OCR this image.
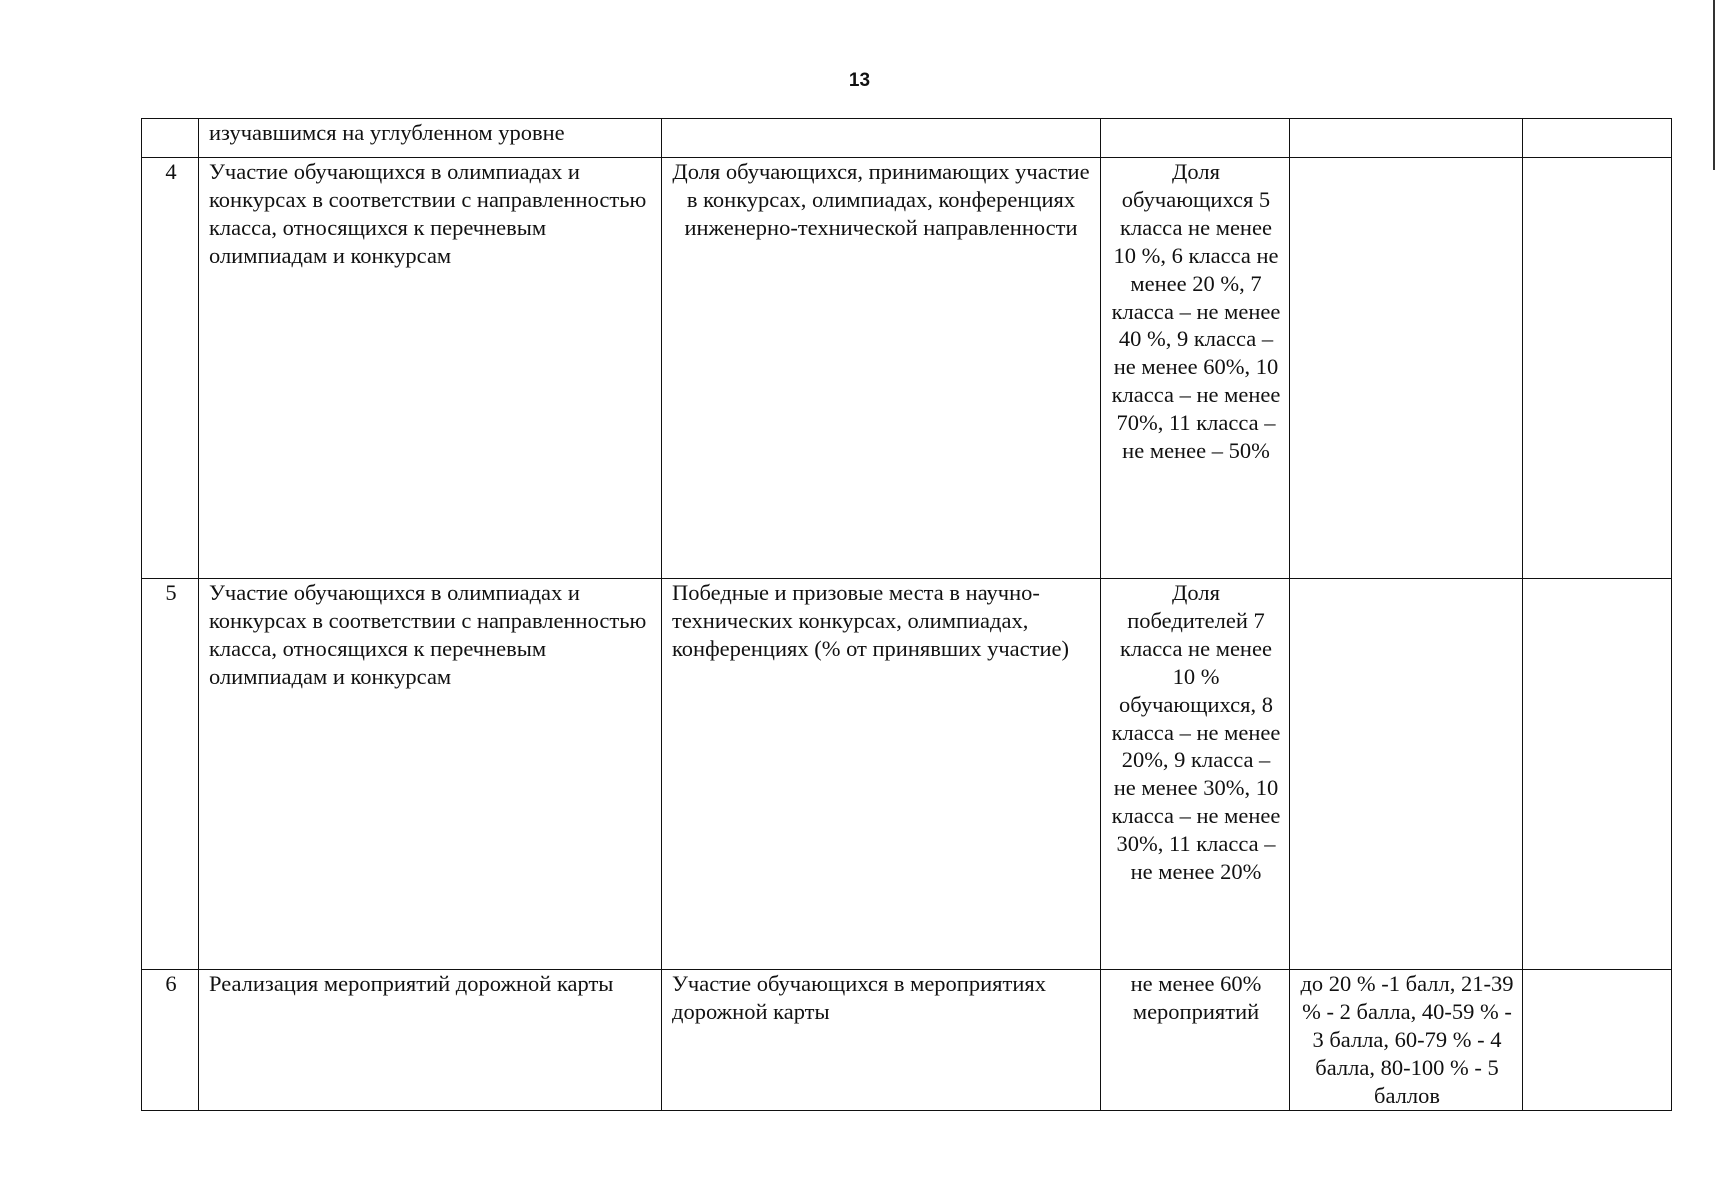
13
	изучавшимся на углубленном уровне				
4	Участие обучающихся в олимпиадах и конкурсах в соответствии с направленностью класса, относящихся к перечневым олимпиадам и конкурсам	Доля обучающихся, принимающих участие в конкурсах, олимпиадах, конференциях инженерно-технической направленности	Доля обучающихся 5 класса не менее 10 %, 6 класса не менее 20 %, 7 класса – не менее 40 %, 9 класса – не менее 60%, 10 класса – не менее 70%, 11 класса – не менее – 50%		
5	Участие обучающихся в олимпиадах и конкурсах в соответствии с направленностью класса, относящихся к перечневым олимпиадам и конкурсам	Победные и призовые места в научно-технических конкурсах, олимпиадах, конференциях (% от принявших участие)	Доля победителей 7 класса не менее 10 % обучающихся, 8 класса – не менее 20%, 9 класса – не менее 30%, 10 класса – не менее 30%, 11 класса – не менее 20%		
6	Реализация мероприятий дорожной карты	Участие обучающихся в мероприятиях дорожной карты	не менее 60% мероприятий	до 20 % -1 балл, 21-39 % - 2 балла, 40-59 % - 3 балла, 60-79 % - 4 балла, 80-100 % - 5 баллов	
